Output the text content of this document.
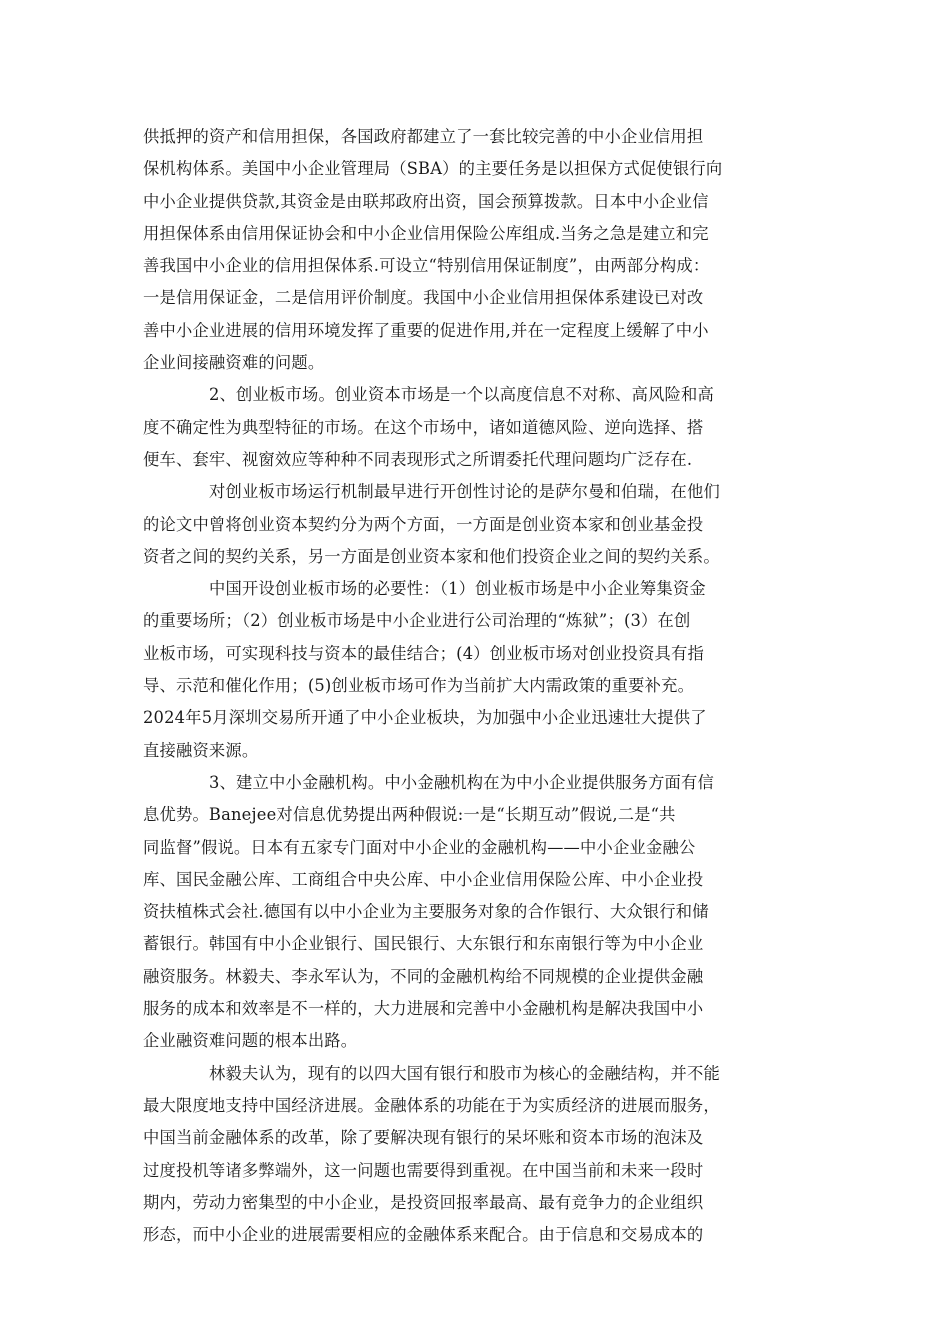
供抵押的资产和信用担保，各国政府都建立了一套比较完善的中小企业信用担
保机构体系。美国中小企业管理局（SBA）的主要任务是以担保方式促使银行向
中小企业提供贷款,其资金是由联邦政府出资，国会预算拨款。日本中小企业信
用担保体系由信用保证协会和中小企业信用保险公库组成.当务之急是建立和完
善我国中小企业的信用担保体系.可设立“特别信用保证制度”，由两部分构成：
一是信用保证金，二是信用评价制度。我国中小企业信用担保体系建设已对改
善中小企业进展的信用环境发挥了重要的促进作用,并在一定程度上缓解了中小
企业间接融资难的问题。

2、创业板市场。创业资本市场是一个以高度信息不对称、高风险和高
度不确定性为典型特征的市场。在这个市场中，诸如道德风险、逆向选择、搭
便车、套牢、视窗效应等种种不同表现形式之所谓委托代理问题均广泛存在.

对创业板市场运行机制最早进行开创性讨论的是萨尔曼和伯瑞，在他们
的论文中曾将创业资本契约分为两个方面，一方面是创业资本家和创业基金投
资者之间的契约关系，另一方面是创业资本家和他们投资企业之间的契约关系。

中国开设创业板市场的必要性：（1）创业板市场是中小企业筹集资金
的重要场所；（2）创业板市场是中小企业进行公司治理的“炼狱”；(3）在创
业板市场，可实现科技与资本的最佳结合；(4）创业板市场对创业投资具有指
导、示范和催化作用；(5)创业板市场可作为当前扩大内需政策的重要补充。
2024年5月深圳交易所开通了中小企业板块，为加强中小企业迅速壮大提供了
直接融资来源。

3、建立中小金融机构。中小金融机构在为中小企业提供服务方面有信
息优势。Banejee对信息优势提出两种假说:一是“长期互动”假说,二是“共
同监督”假说。日本有五家专门面对中小企业的金融机构——中小企业金融公
库、国民金融公库、工商组合中央公库、中小企业信用保险公库、中小企业投
资扶植株式会社.德国有以中小企业为主要服务对象的合作银行、大众银行和储
蓄银行。韩国有中小企业银行、国民银行、大东银行和东南银行等为中小企业
融资服务。林毅夫、李永军认为，不同的金融机构给不同规模的企业提供金融
服务的成本和效率是不一样的，大力进展和完善中小金融机构是解决我国中小
企业融资难问题的根本出路。

林毅夫认为，现有的以四大国有银行和股市为核心的金融结构，并不能
最大限度地支持中国经济进展。金融体系的功能在于为实质经济的进展而服务，
中国当前金融体系的改革，除了要解决现有银行的呆坏账和资本市场的泡沫及
过度投机等诸多弊端外，这一问题也需要得到重视。在中国当前和未来一段时
期内，劳动力密集型的中小企业，是投资回报率最高、最有竞争力的企业组织
形态，而中小企业的进展需要相应的金融体系来配合。由于信息和交易成本的
